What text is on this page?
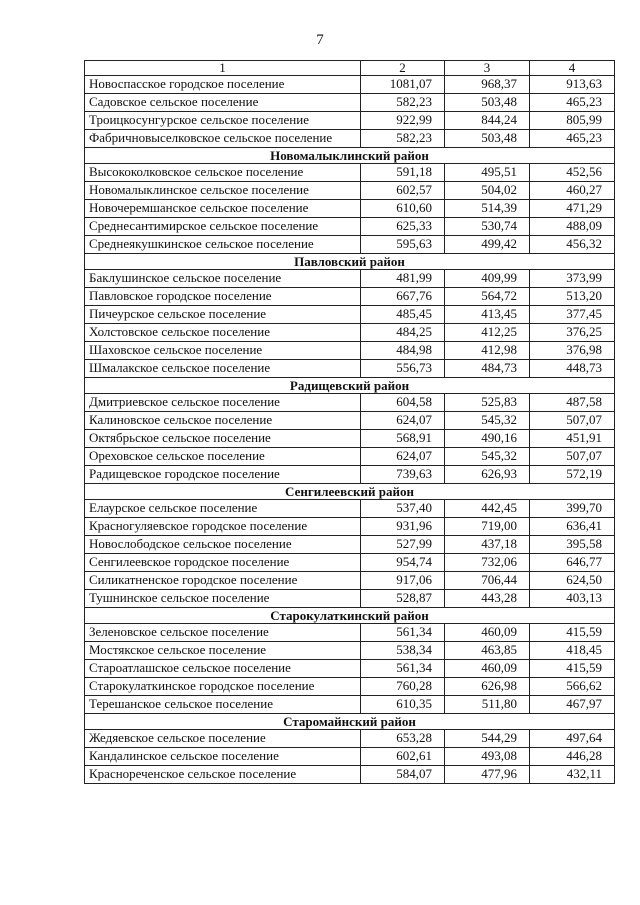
7
1	2	3	4
Новоспасское городское поселение	1081,07	968,37	913,63
Садовское сельское поселение	582,23	503,48	465,23
Троицкосунгурское сельское поселение	922,99	844,24	805,99
Фабричновыселковское сельское поселение	582,23	503,48	465,23
Новомалыклинский район			
Высококолковское сельское поселение	591,18	495,51	452,56
Новомалыклинское сельское поселение	602,57	504,02	460,27
Новочеремшанское сельское поселение	610,60	514,39	471,29
Среднесантимирское сельское поселение	625,33	530,74	488,09
Среднеякушкинское сельское поселение	595,63	499,42	456,32
Павловский район			
Баклушинское сельское поселение	481,99	409,99	373,99
Павловское городское поселение	667,76	564,72	513,20
Пичеурское сельское поселение	485,45	413,45	377,45
Холстовское сельское поселение	484,25	412,25	376,25
Шаховское сельское поселение	484,98	412,98	376,98
Шмалакское сельское поселение	556,73	484,73	448,73
Радищевский район			
Дмитриевское сельское поселение	604,58	525,83	487,58
Калиновское сельское поселение	624,07	545,32	507,07
Октябрьское сельское поселение	568,91	490,16	451,91
Ореховское сельское поселение	624,07	545,32	507,07
Радищевское городское поселение	739,63	626,93	572,19
Сенгилеевский район			
Елаурское сельское поселение	537,40	442,45	399,70
Красногуляевское городское поселение	931,96	719,00	636,41
Новослободское сельское поселение	527,99	437,18	395,58
Сенгилеевское городское поселение	954,74	732,06	646,77
Силикатненское городское поселение	917,06	706,44	624,50
Тушнинское сельское поселение	528,87	443,28	403,13
Старокулаткинский район			
Зеленовское сельское поселение	561,34	460,09	415,59
Мостякское сельское поселение	538,34	463,85	418,45
Староатлашское сельское поселение	561,34	460,09	415,59
Старокулаткинское городское поселение	760,28	626,98	566,62
Терешанское сельское поселение	610,35	511,80	467,97
Старомайнский район			
Жедяевское сельское поселение	653,28	544,29	497,64
Кандалинское сельское поселение	602,61	493,08	446,28
Краснореченское сельское поселение	584,07	477,96	432,11
